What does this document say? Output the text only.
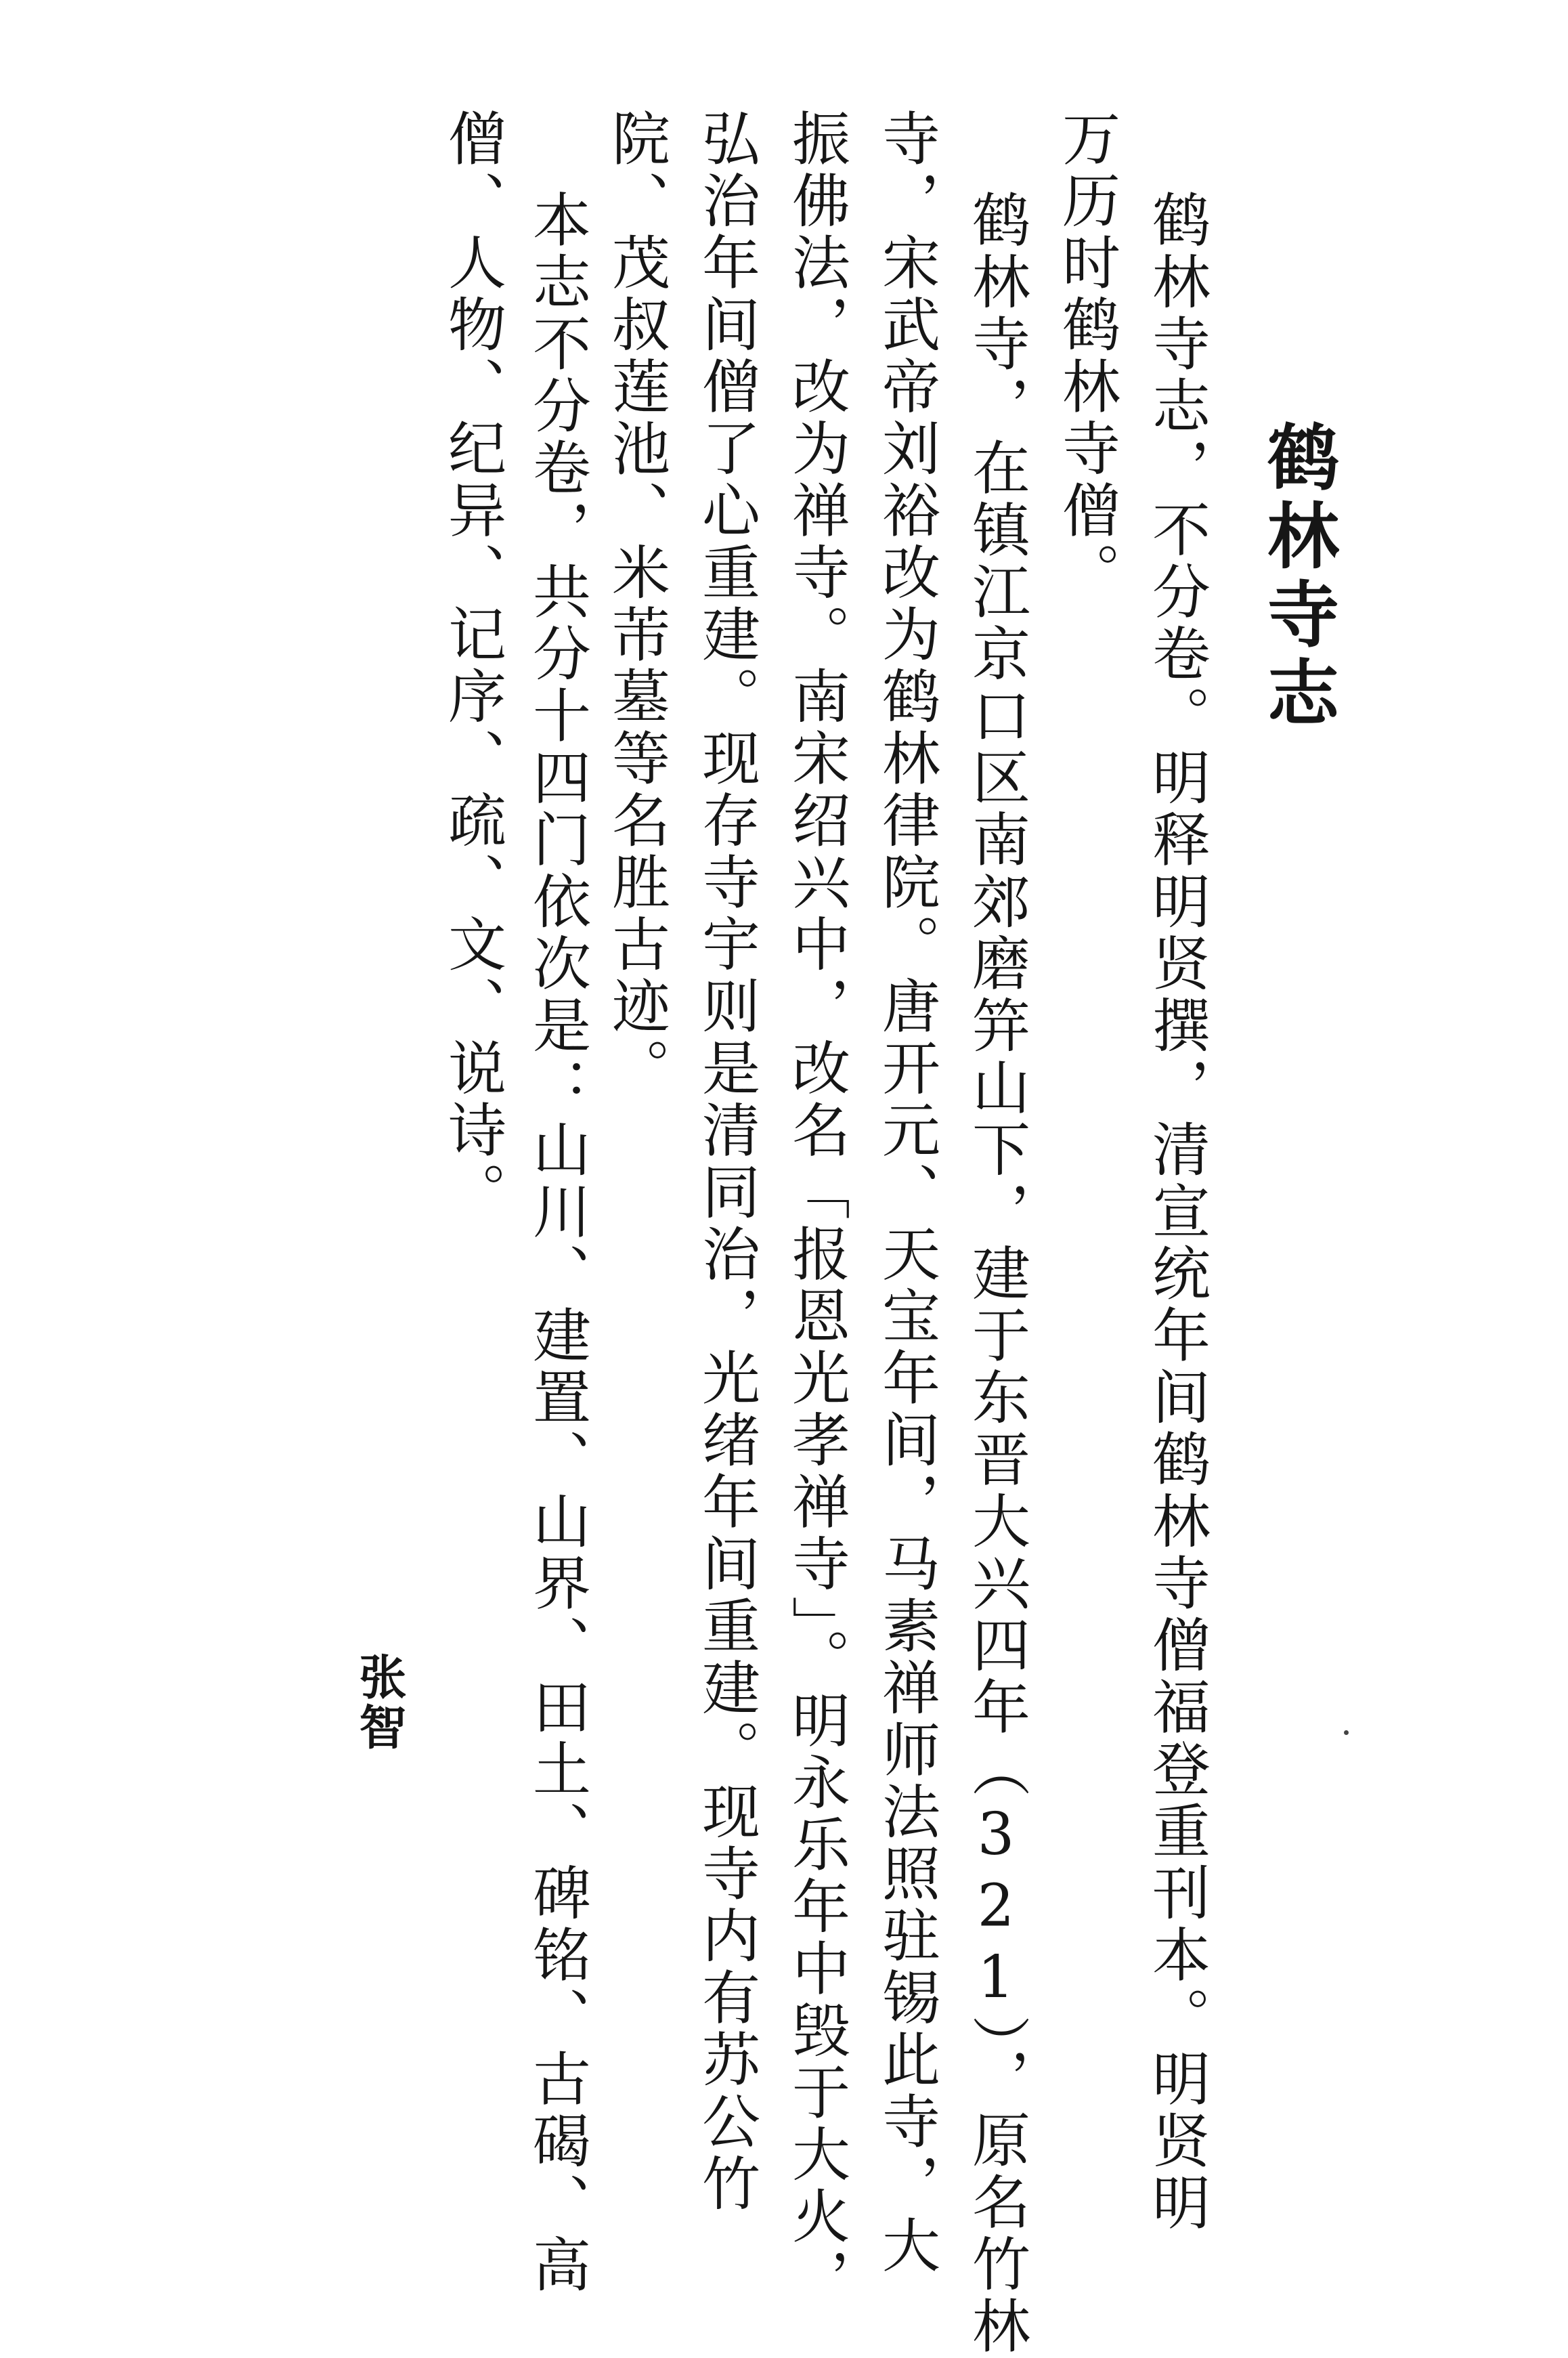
鹤林寺志
鹤林寺志，不分卷。明释明贤撰，清宣统年间鹤林寺僧福登重刊本。明贤明
万历时鹤林寺僧。
鹤林寺，在镇江京口区南郊磨笄山下，建于东晋大兴四年（321），原名竹林
寺，宋武帝刘裕改为鹤林律院。唐开元、天宝年间，马素禅师法照驻锡此寺，大
振佛法，改为禅寺。南宋绍兴中，改名「报恩光孝禅寺」。明永乐年中毁于大火，
弘治年间僧了心重建。现存寺宇则是清同治，光绪年间重建。现寺内有苏公竹
院、茂叔莲池、米芾墓等名胜古迹。
本志不分卷，共分十四门依次是：山川、建置、山界、田土、碑铭、古碣、高
僧、人物、纪异、记序、疏、文、说诗。
张智
